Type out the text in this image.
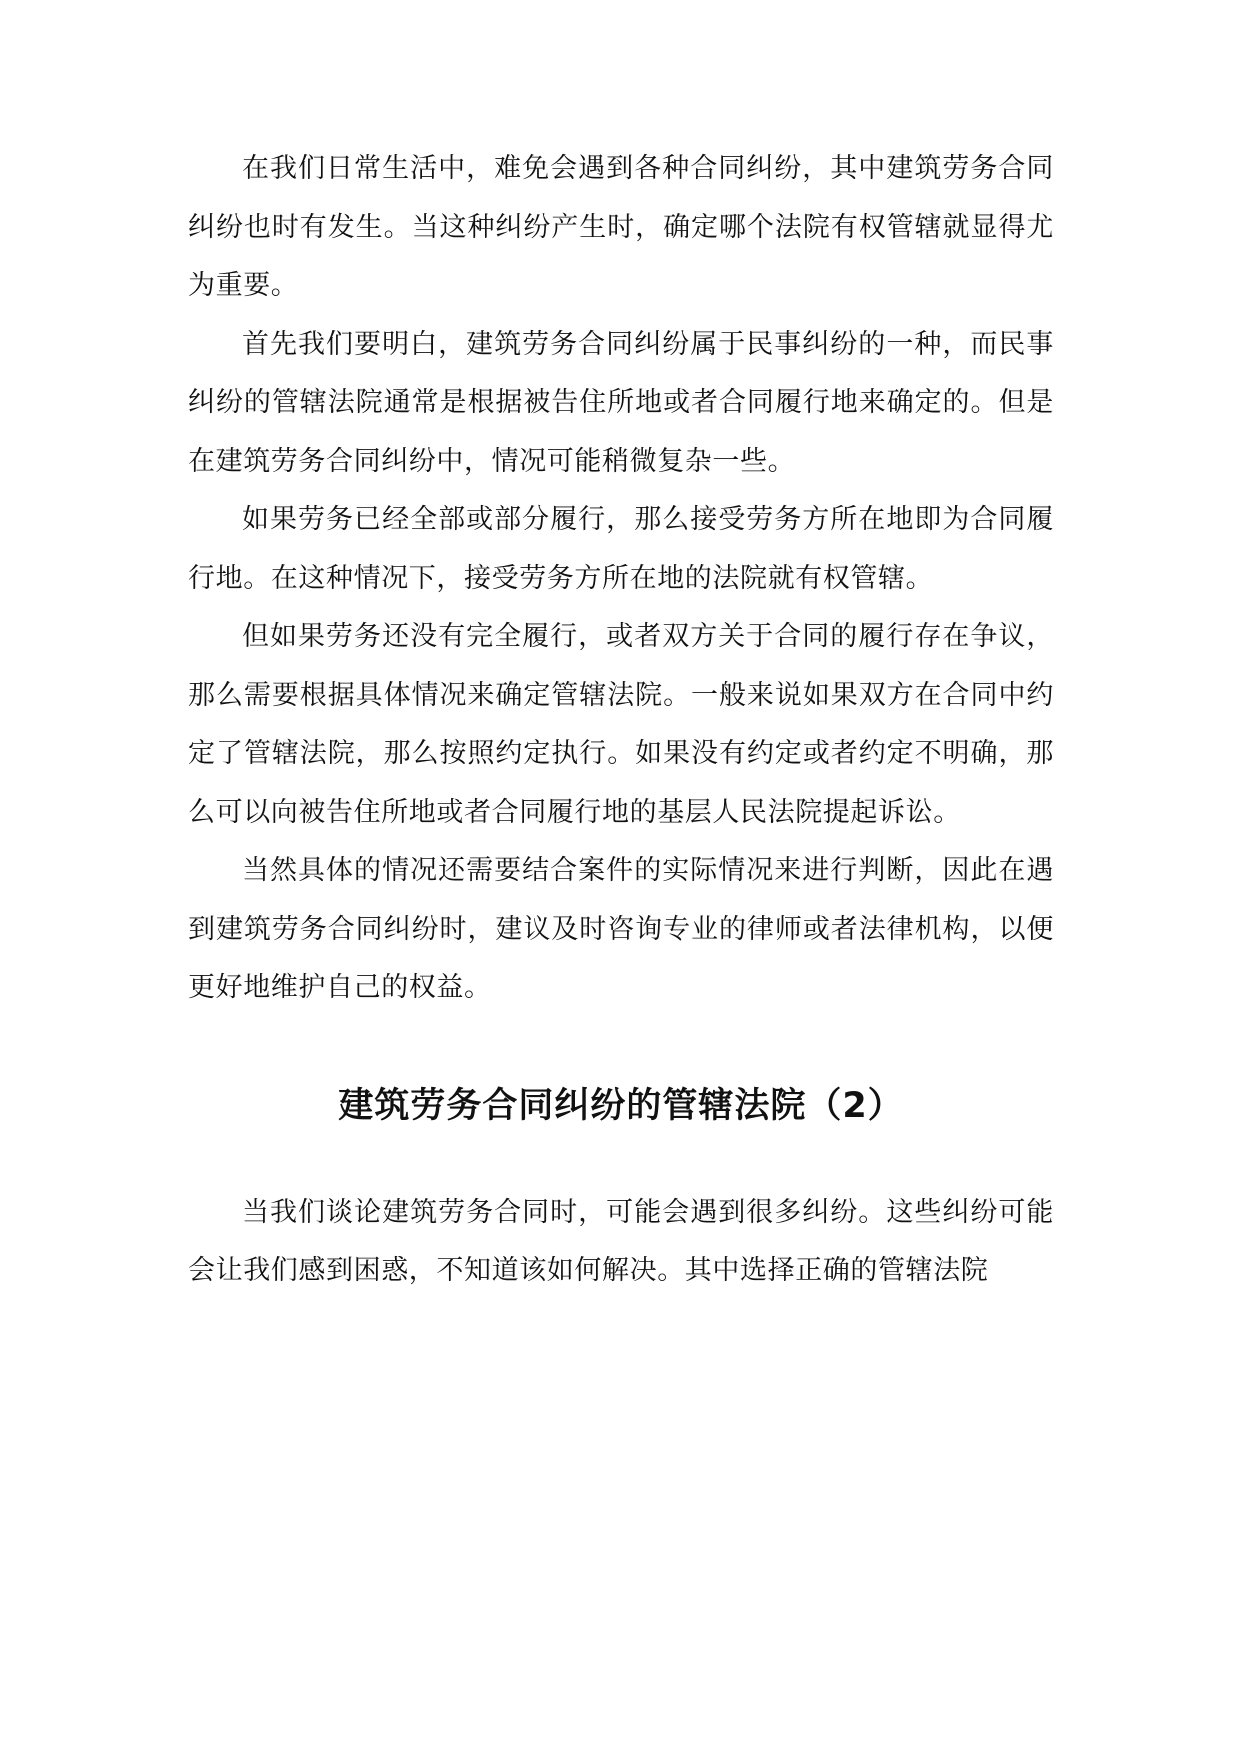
在我们日常生活中，难免会遇到各种合同纠纷，其中建筑劳务合同纠纷也时有发生。当这种纠纷产生时，确定哪个法院有权管辖就显得尤为重要。

首先我们要明白，建筑劳务合同纠纷属于民事纠纷的一种，而民事纠纷的管辖法院通常是根据被告住所地或者合同履行地来确定的。但是在建筑劳务合同纠纷中，情况可能稍微复杂一些。

如果劳务已经全部或部分履行，那么接受劳务方所在地即为合同履行地。在这种情况下，接受劳务方所在地的法院就有权管辖。

但如果劳务还没有完全履行，或者双方关于合同的履行存在争议，那么需要根据具体情况来确定管辖法院。一般来说如果双方在合同中约定了管辖法院，那么按照约定执行。如果没有约定或者约定不明确，那么可以向被告住所地或者合同履行地的基层人民法院提起诉讼。

当然具体的情况还需要结合案件的实际情况来进行判断，因此在遇到建筑劳务合同纠纷时，建议及时咨询专业的律师或者法律机构，以便更好地维护自己的权益。

建筑劳务合同纠纷的管辖法院（2）

当我们谈论建筑劳务合同时，可能会遇到很多纠纷。这些纠纷可能会让我们感到困惑，不知道该如何解决。其中选择正确的管辖法院
